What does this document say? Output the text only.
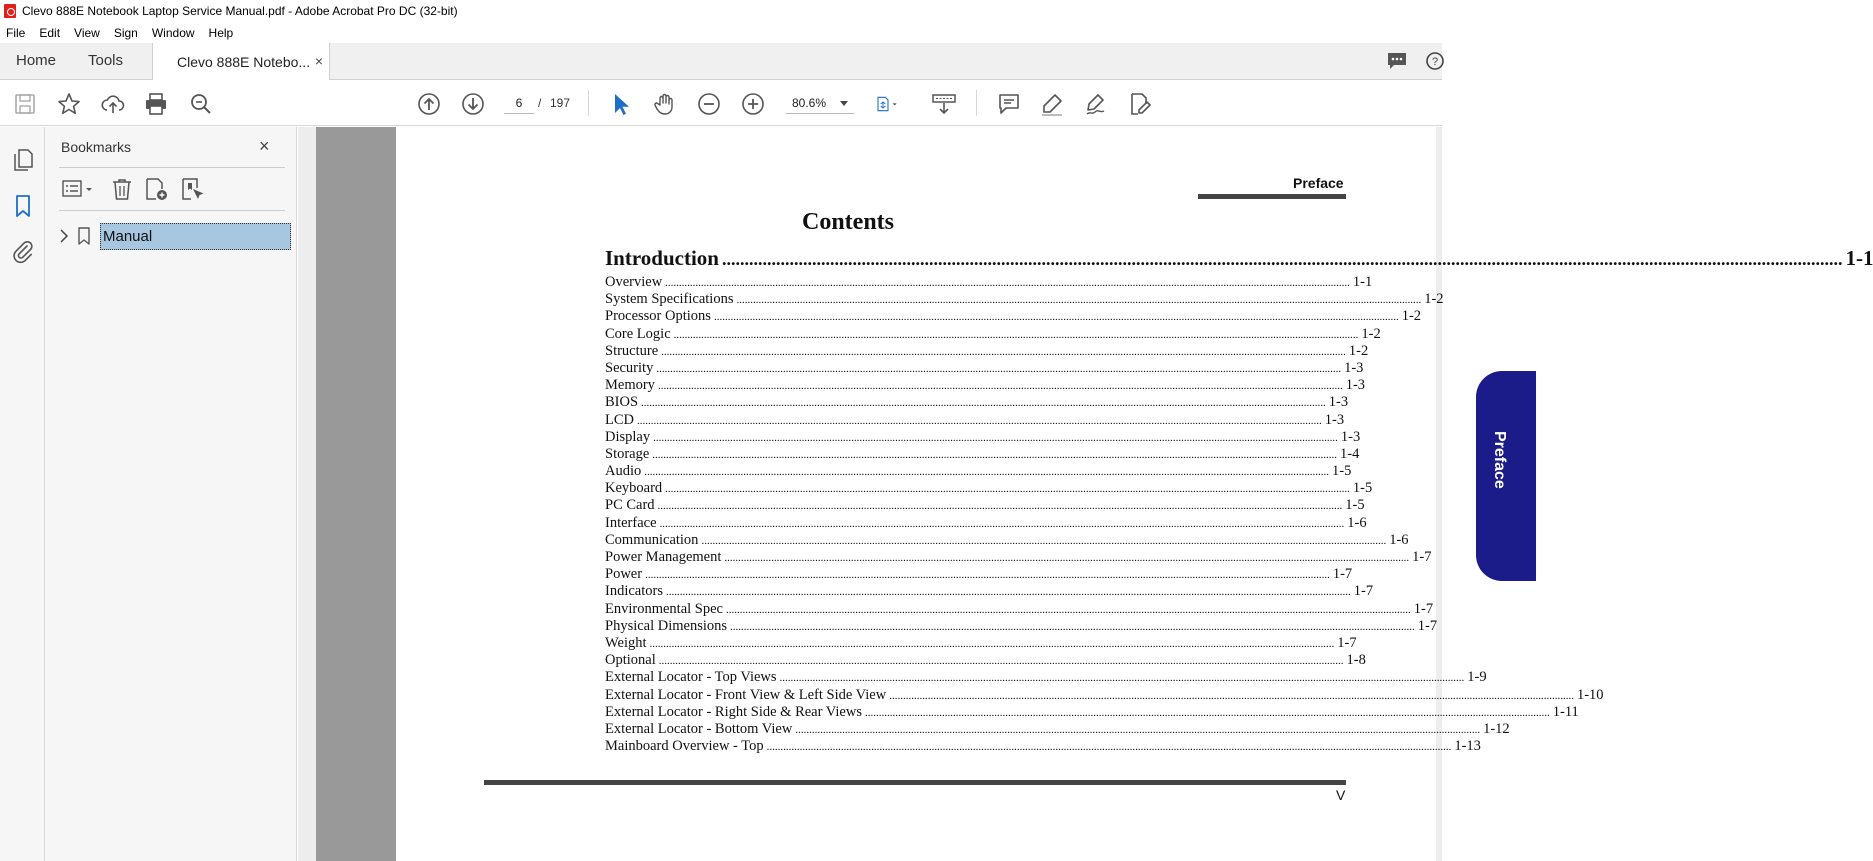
Clevo 888E Notebook Laptop Service Manual.pdf - Adobe Acrobat Pro DC (32-bit)
File Edit View Sign Window Help
Home Tools	Clevo 888E Notebo... ×	?
6	/ 197	80.6%
Bookmarks	×
Manual
Preface
Contents
Introduction .....	1-1
Overview .....	1-1
System Specifications .....	1-2
Processor Options .....	1-2
Core Logic .....	1-2
Structure .....	1-2
Security .....	1-3
Memory .....	1-3
BIOS .....	1-3
LCD .....	1-3
Display .....	1-3
Storage .....	1-4
Audio .....	1-5
Keyboard .....	1-5
PC Card .....	1-5
Interface .....	1-6
Communication .....	1-6
Power Management .....	1-7
Power .....	1-7
Indicators .....	1-7
Environmental Spec .....	1-7
Physical Dimensions .....	1-7
Weight .....	1-7
Optional .....	1-8
External Locator - Top Views .....	1-9
External Locator - Front View & Left Side View .....	1-10
External Locator - Right Side & Rear Views .....	1-11
External Locator - Bottom View .....	1-12
Mainboard Overview - Top .....	1-13
V
Preface
